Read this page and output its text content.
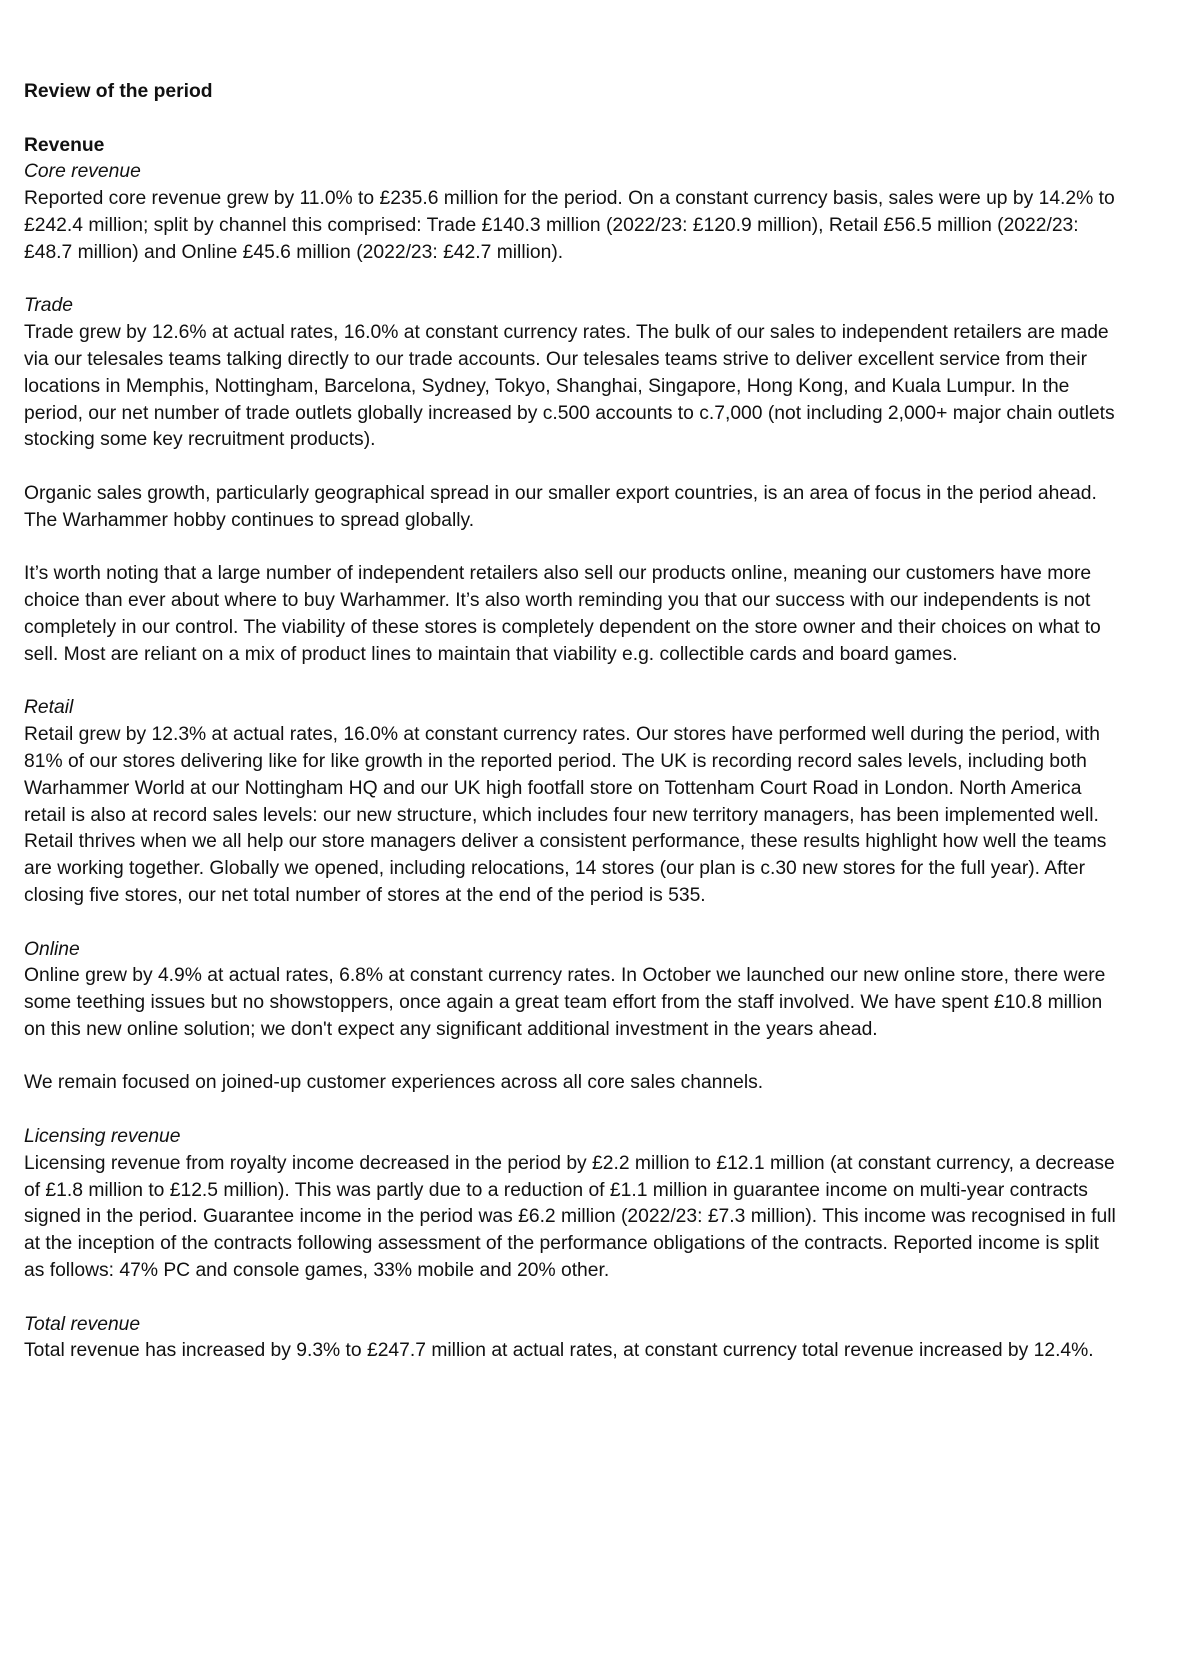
Review of the period

Revenue

Core revenue

Reported core revenue grew by 11.0% to £235.6 million for the period. On a constant currency basis, sales were up by 14.2% to £242.4 million; split by channel this comprised: Trade £140.3 million (2022/23: £120.9 million), Retail £56.5 million (2022/23: £48.7 million) and Online £45.6 million (2022/23: £42.7 million).

Trade

Trade grew by 12.6% at actual rates, 16.0% at constant currency rates. The bulk of our sales to independent retailers are made via our telesales teams talking directly to our trade accounts. Our telesales teams strive to deliver excellent service from their locations in Memphis, Nottingham, Barcelona, Sydney, Tokyo, Shanghai, Singapore, Hong Kong, and Kuala Lumpur. In the period, our net number of trade outlets globally increased by c.500 accounts to c.7,000 (not including 2,000+ major chain outlets stocking some key recruitment products).

Organic sales growth, particularly geographical spread in our smaller export countries, is an area of focus in the period ahead. The Warhammer hobby continues to spread globally.

It’s worth noting that a large number of independent retailers also sell our products online, meaning our customers have more choice than ever about where to buy Warhammer. It’s also worth reminding you that our success with our independents is not completely in our control. The viability of these stores is completely dependent on the store owner and their choices on what to sell. Most are reliant on a mix of product lines to maintain that viability e.g. collectible cards and board games.

Retail

Retail grew by 12.3% at actual rates, 16.0% at constant currency rates. Our stores have performed well during the period, with 81% of our stores delivering like for like growth in the reported period. The UK is recording record sales levels, including both Warhammer World at our Nottingham HQ and our UK high footfall store on Tottenham Court Road in London. North America retail is also at record sales levels: our new structure, which includes four new territory managers, has been implemented well. Retail thrives when we all help our store managers deliver a consistent performance, these results highlight how well the teams are working together. Globally we opened, including relocations, 14 stores (our plan is c.30 new stores for the full year). After closing five stores, our net total number of stores at the end of the period is 535.

Online

Online grew by 4.9% at actual rates, 6.8% at constant currency rates. In October we launched our new online store, there were some teething issues but no showstoppers, once again a great team effort from the staff involved. We have spent £10.8 million on this new online solution; we don't expect any significant additional investment in the years ahead.

We remain focused on joined-up customer experiences across all core sales channels.

Licensing revenue

Licensing revenue from royalty income decreased in the period by £2.2 million to £12.1 million (at constant currency, a decrease of £1.8 million to £12.5 million). This was partly due to a reduction of £1.1 million in guarantee income on multi-year contracts signed in the period. Guarantee income in the period was £6.2 million (2022/23: £7.3 million). This income was recognised in full at the inception of the contracts following assessment of the performance obligations of the contracts. Reported income is split as follows: 47% PC and console games, 33% mobile and 20% other.

Total revenue

Total revenue has increased by 9.3% to £247.7 million at actual rates, at constant currency total revenue increased by 12.4%.
